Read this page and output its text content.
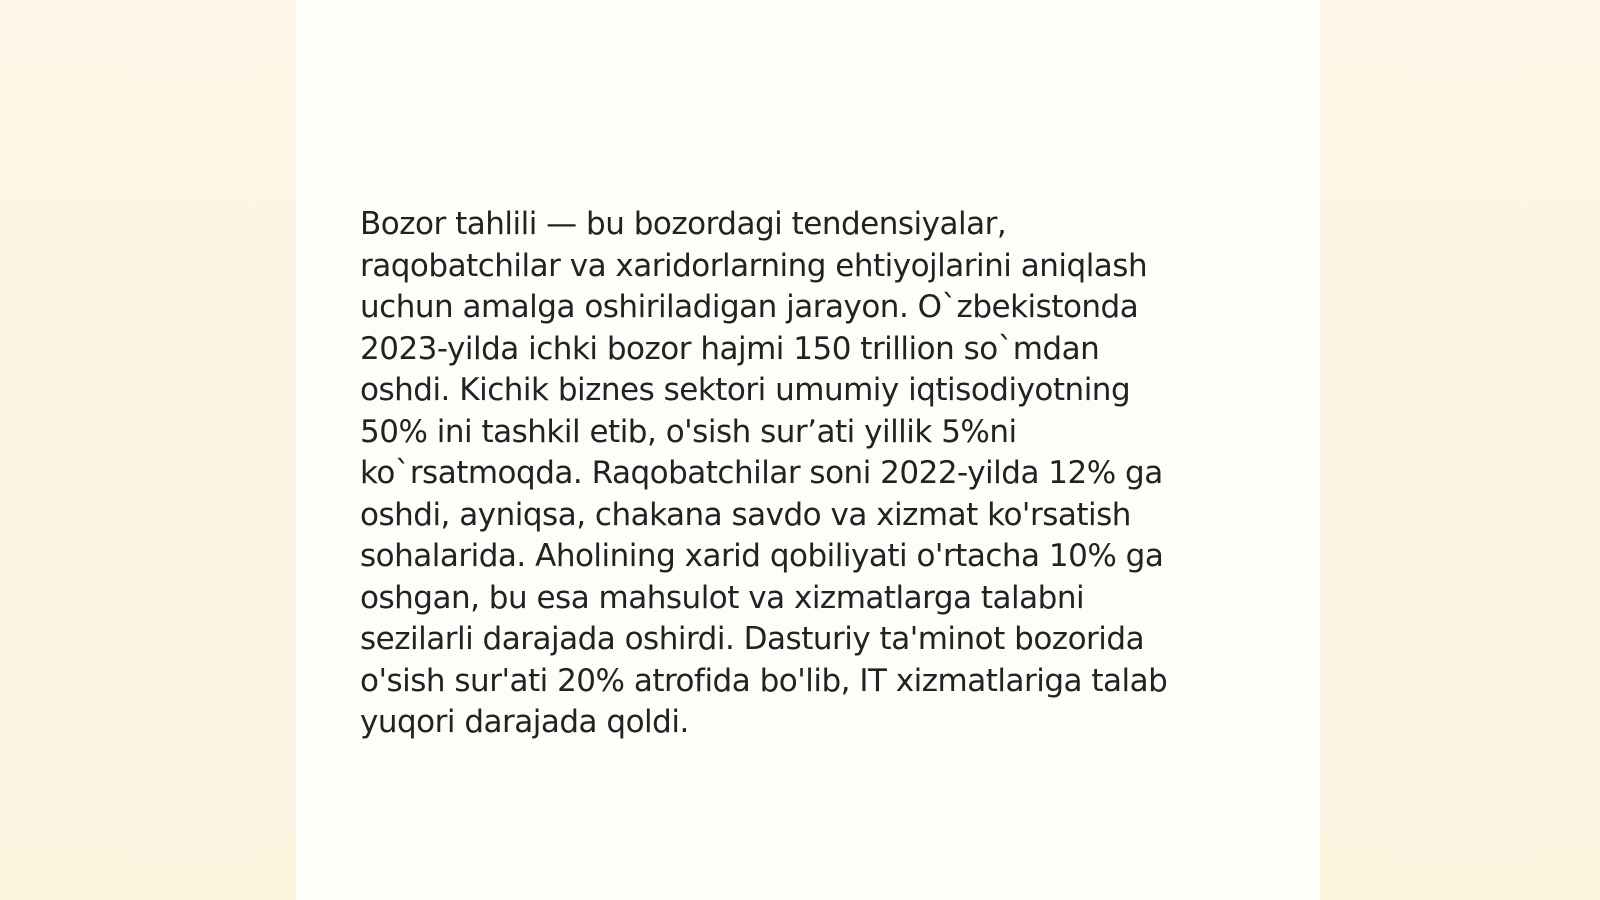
Bozor tahlili — bu bozordagi tendensiyalar,
raqobatchilar va xaridorlarning ehtiyojlarini aniqlash
uchun amalga oshiriladigan jarayon. O`zbekistonda
2023-yilda ichki bozor hajmi 150 trillion so`mdan
oshdi. Kichik biznes sektori umumiy iqtisodiyotning
50% ini tashkil etib, o'sish sur’ati yillik 5%ni
ko`rsatmoqda. Raqobatchilar soni 2022-yilda 12% ga
oshdi, ayniqsa, chakana savdo va xizmat ko'rsatish
sohalarida. Aholining xarid qobiliyati o'rtacha 10% ga
oshgan, bu esa mahsulot va xizmatlarga talabni
sezilarli darajada oshirdi. Dasturiy ta'minot bozorida
o'sish sur'ati 20% atrofida bo'lib, IT xizmatlariga talab
yuqori darajada qoldi.
